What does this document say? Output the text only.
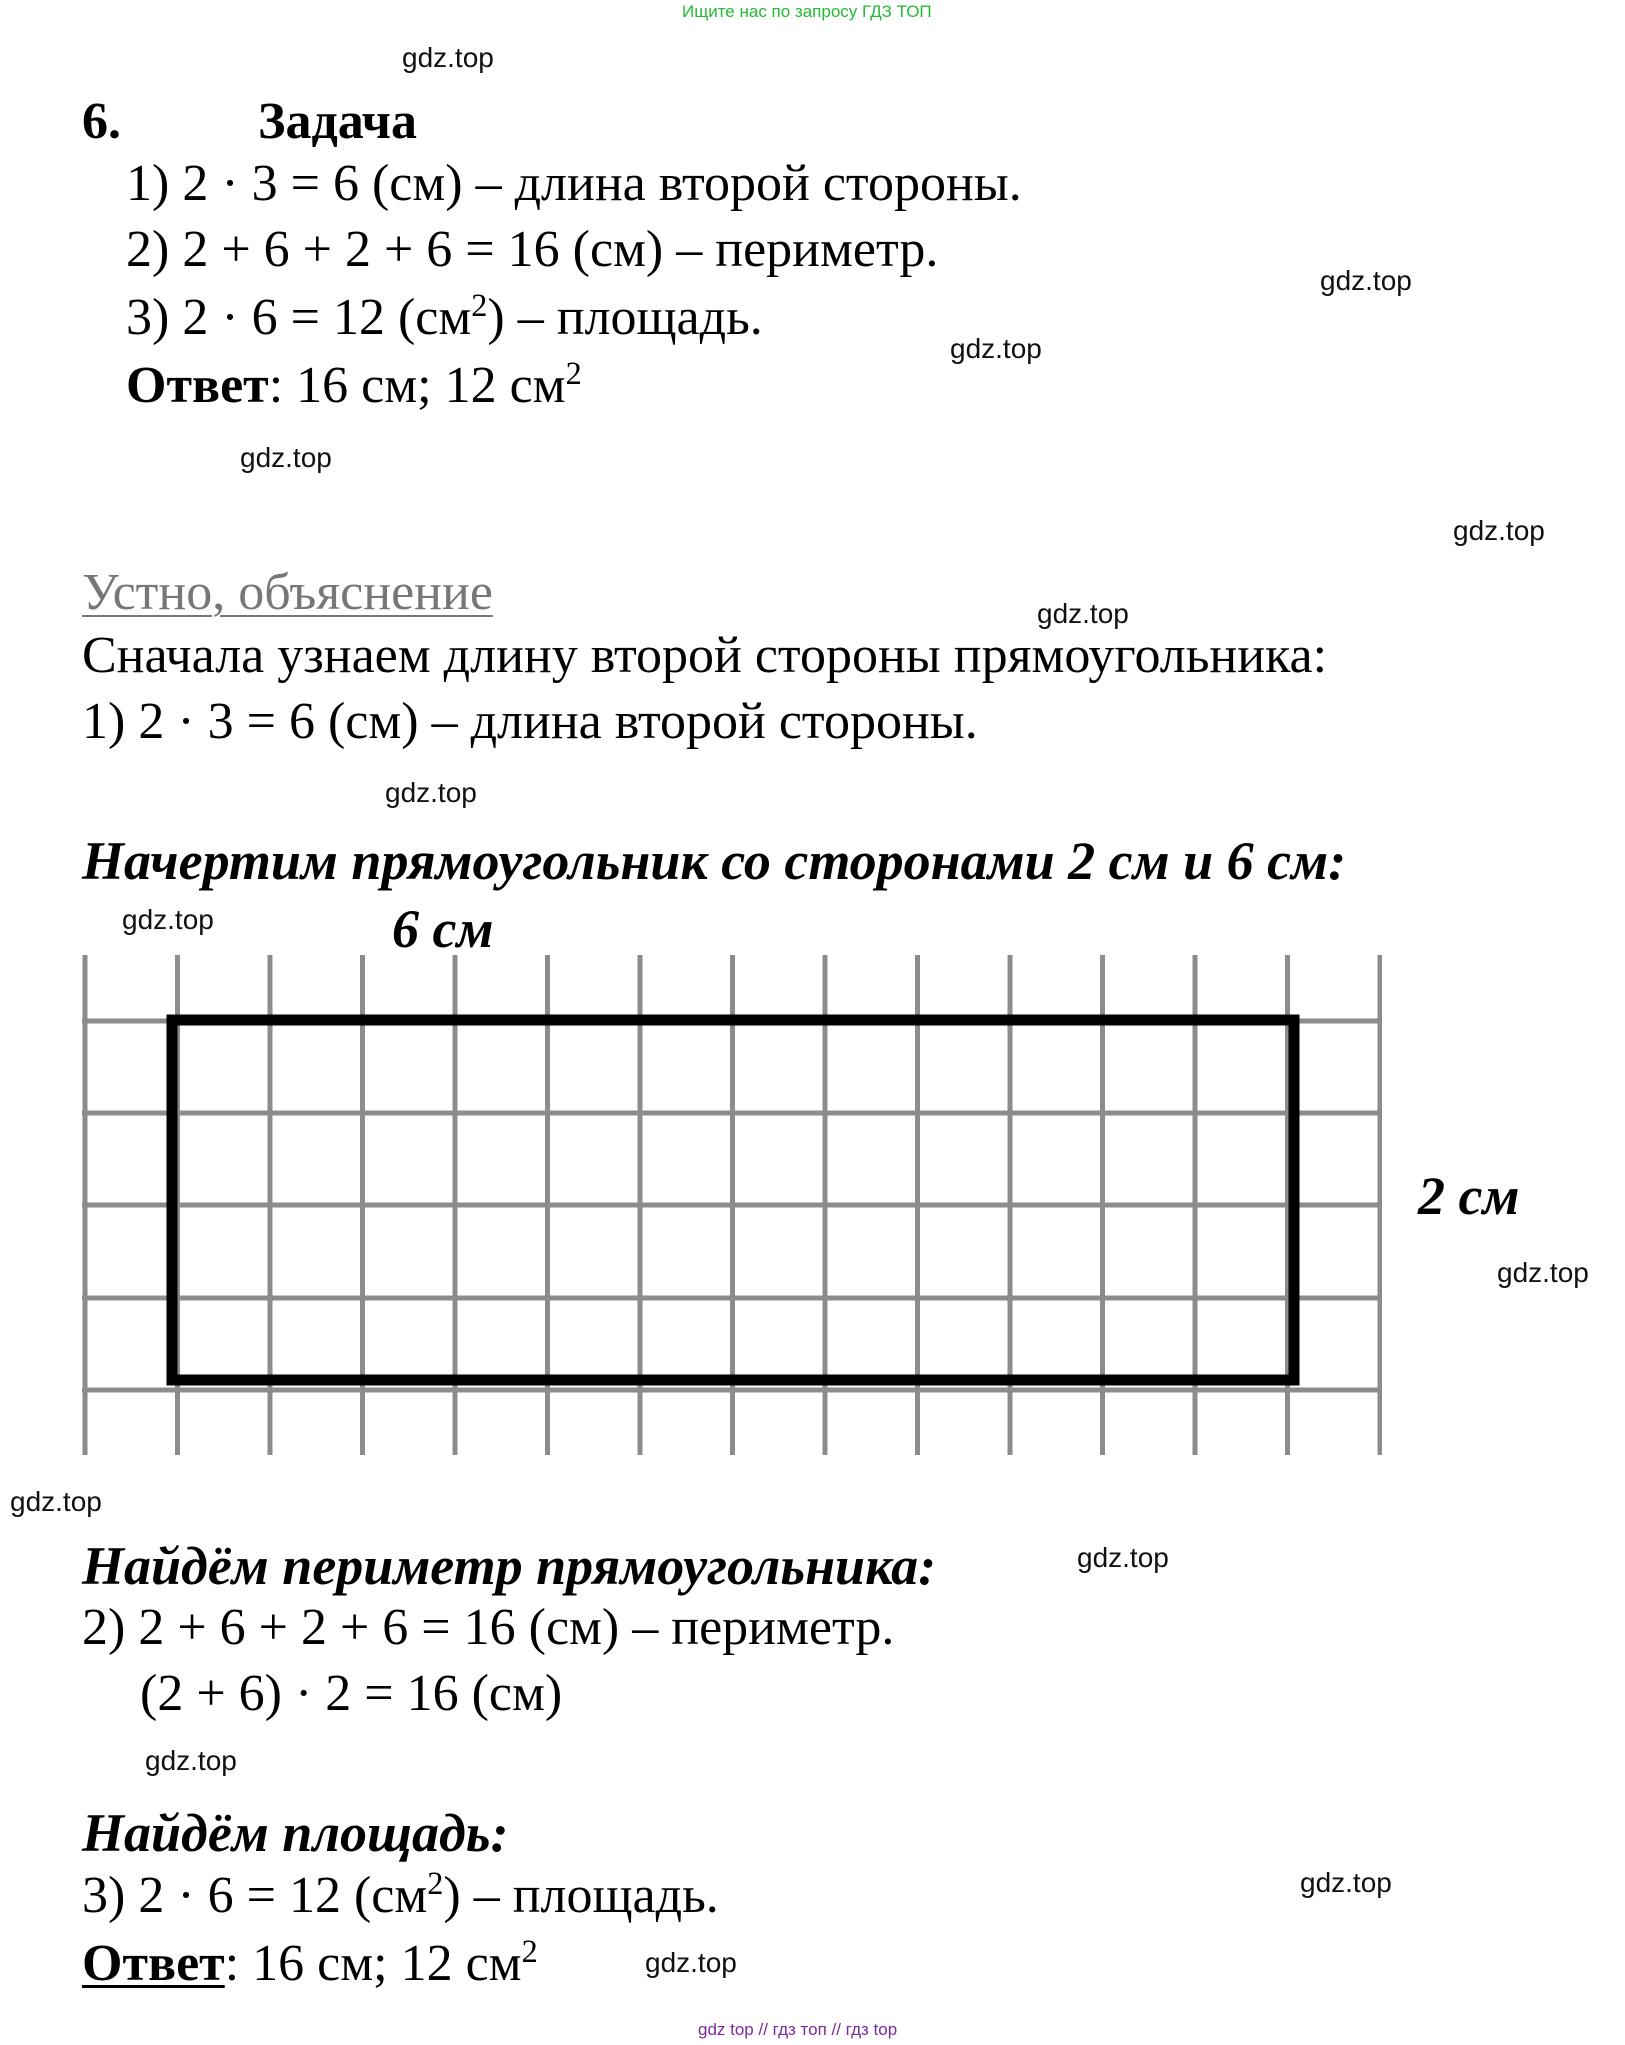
Ищите нас по запросу ГДЗ ТОП
gdz.top
gdz.top
gdz.top
gdz.top
gdz.top
gdz.top
gdz.top
gdz.top
gdz.top
gdz.top
gdz.top
gdz.top
gdz.top
gdz.top
6.	Задача
1) 2 · 3 = 6 (см) – длина второй стороны.
2) 2 + 6 + 2 + 6 = 16 (см) – периметр.
3) 2 · 6 = 12 $(см^2)$ – площадь.
Ответ: 16 см; 12 $см^2$
Устно, объяснение
Сначала узнаем длину второй стороны прямоугольника:
1) 2 · 3 = 6 (см) – длина второй стороны.
Начертим прямоугольник со сторонами 2 см и 6 см:
6 см
2 см
Найдём периметр прямоугольника:
2) 2 + 6 + 2 + 6 = 16 (см) – периметр.
(2 + 6) · 2 = 16 (см)
Найдём площадь:
3) 2 · 6 = 12 $(см^2)$ – площадь.
Ответ: 16 см; 12 $см^2$
gdz top // гдз топ // гдз top
